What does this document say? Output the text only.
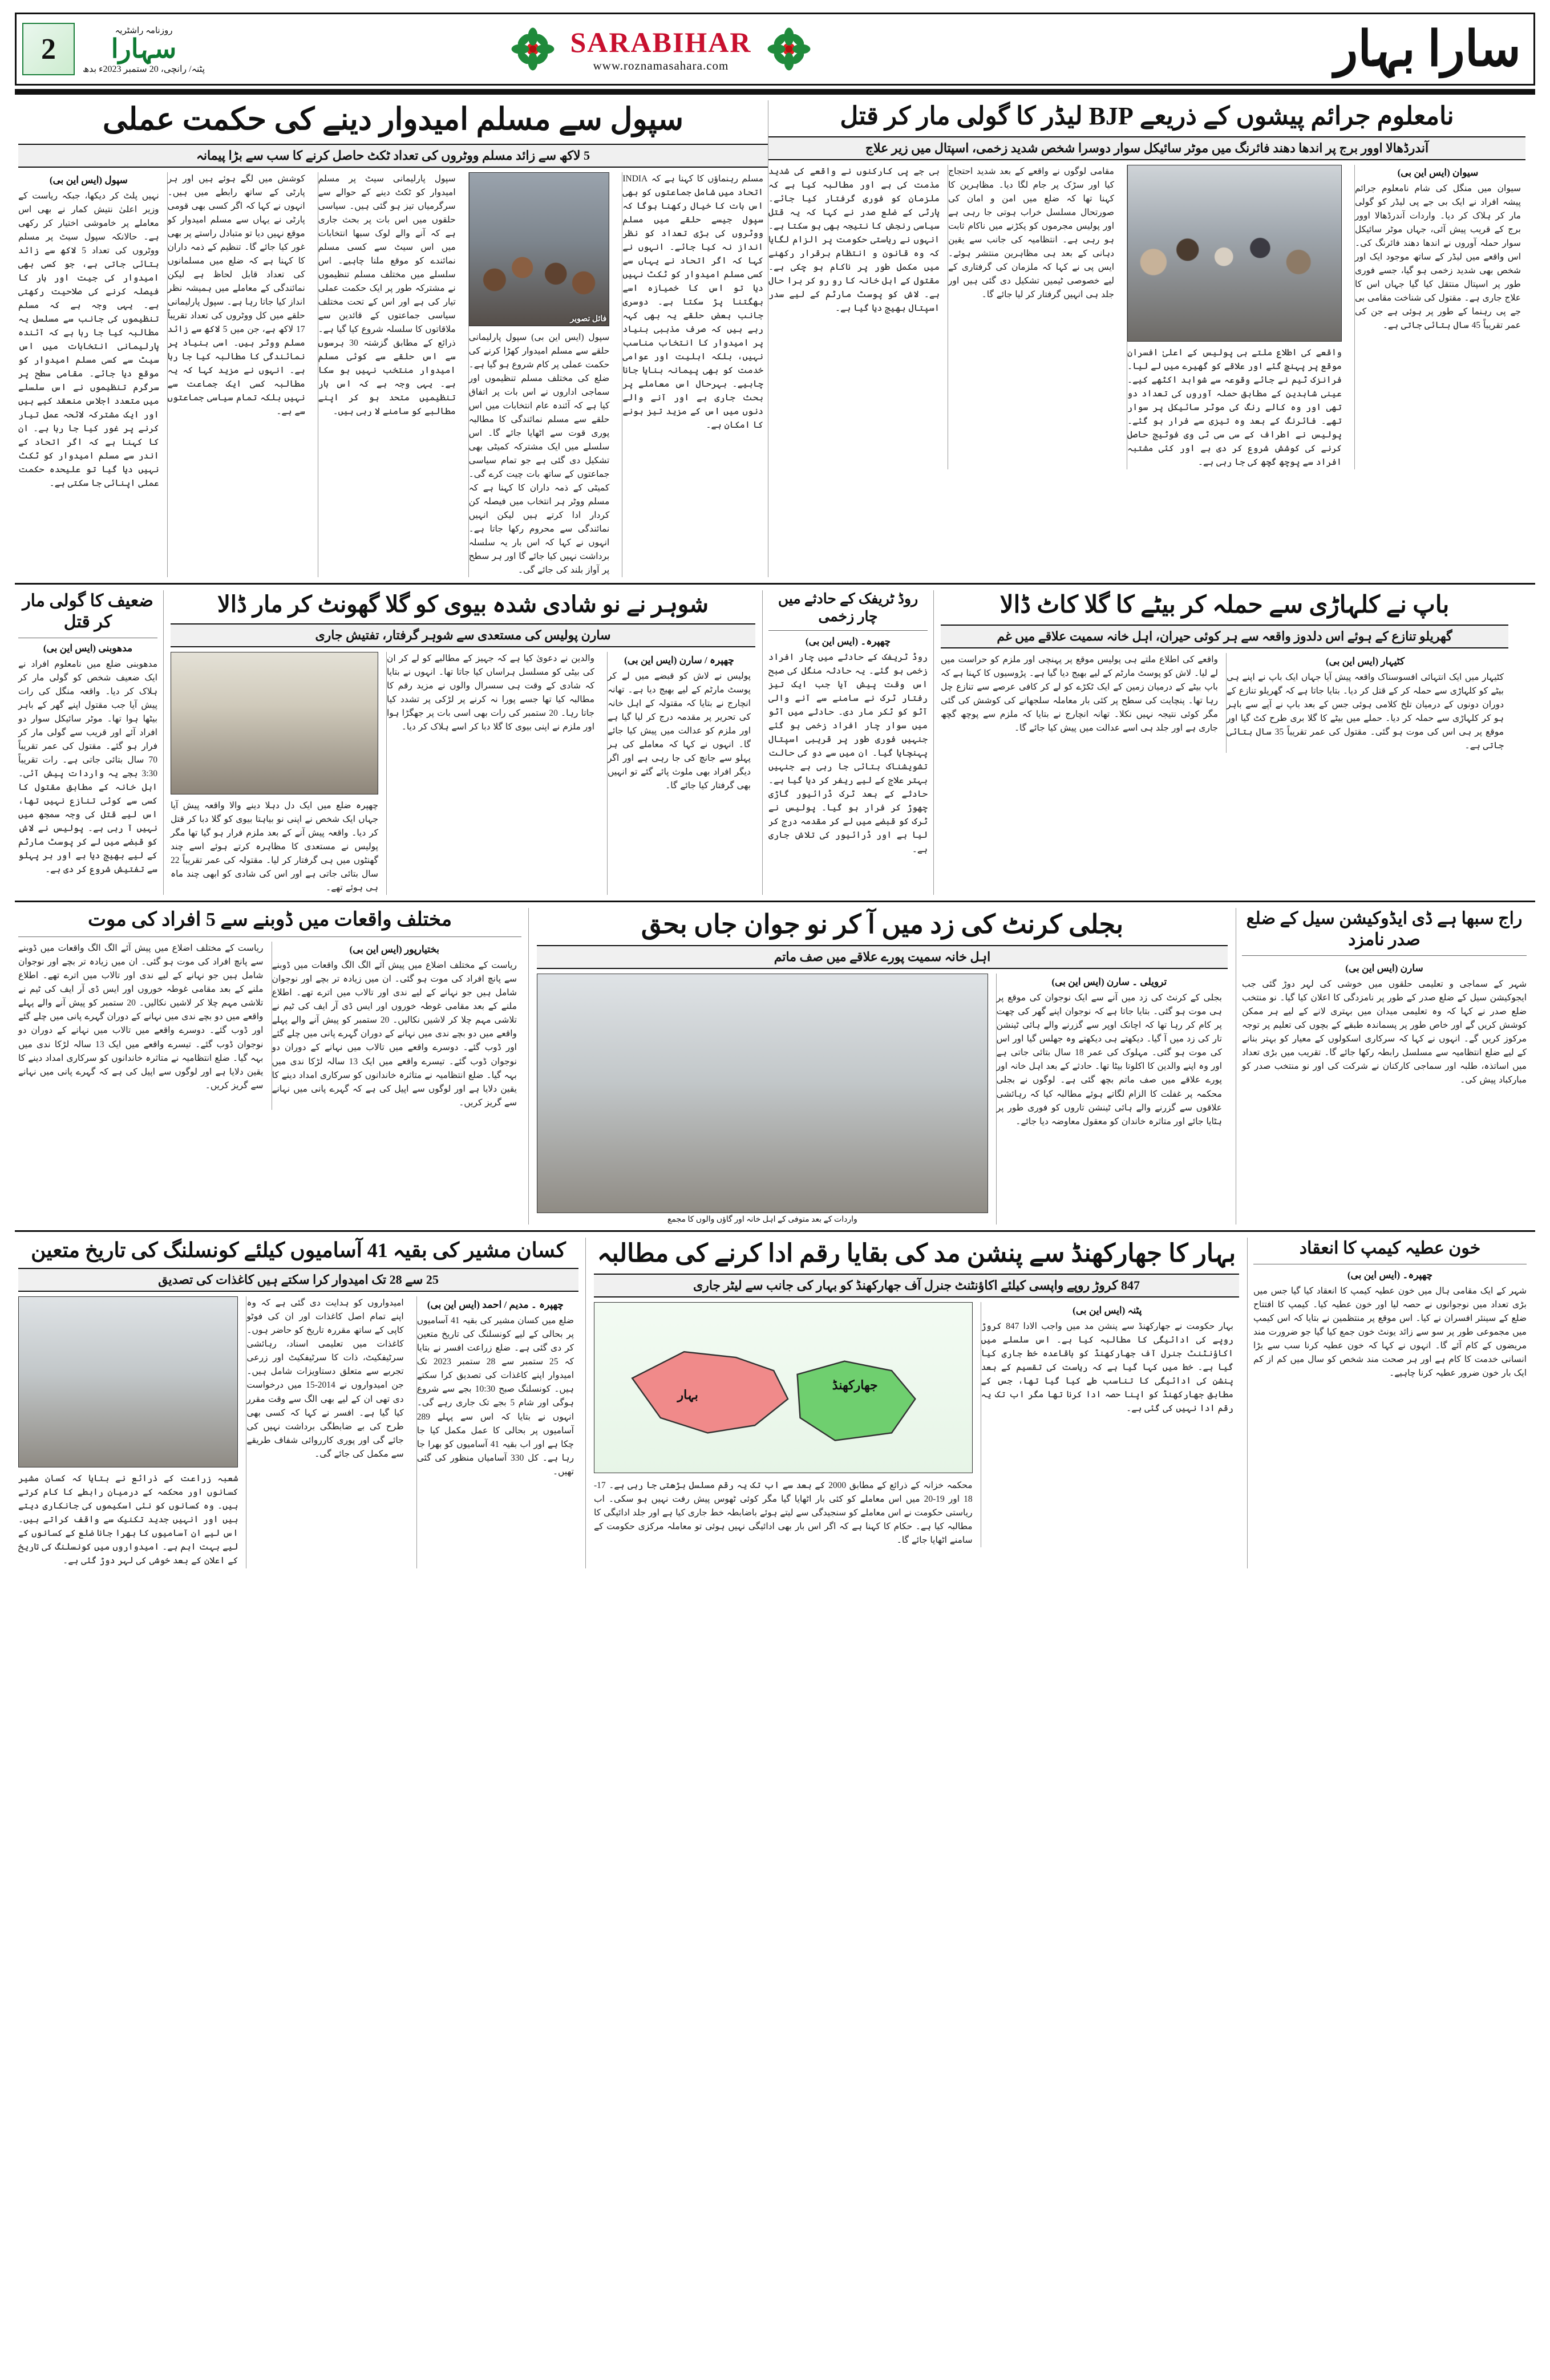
2
روزنامہ راشٹریہ
سہارا
پٹنہ/ رانچی، 20 ستمبر 2023ء بدھ
SARABIHAR
www.roznamasahara.com	سارا بہار
سپول سے مسلم امیدوار دینے کی حکمت عملی
5 لاکھ سے زائد مسلم ووٹروں کی تعداد ٹکٹ حاصل کرنے کا سب سے بڑا پیمانہ
سپول (ایس این بی)
نہیں پلٹ کر دیکھا، جبکہ ریاست کے وزیر اعلیٰ نتیش کمار نے بھی اس معاملے پر خاموشی اختیار کر رکھی ہے۔ حالانکہ سپول سیٹ پر مسلم ووٹروں کی تعداد 5 لاکھ سے زائد بتائی جاتی ہے، جو کسی بھی امیدوار کی جیت اور ہار کا فیصلہ کرنے کی صلاحیت رکھتی ہے۔ یہی وجہ ہے کہ مسلم تنظیموں کی جانب سے مسلسل یہ مطالبہ کیا جا رہا ہے کہ آئندہ پارلیمانی انتخابات میں اس سیٹ سے کسی مسلم امیدوار کو موقع دیا جائے۔ مقامی سطح پر سرگرم تنظیموں نے اس سلسلے میں متعدد اجلاس منعقد کیے ہیں اور ایک مشترکہ لائحہ عمل تیار کرنے پر غور کیا جا رہا ہے۔ ان کا کہنا ہے کہ اگر اتحاد کے اندر سے مسلم امیدوار کو ٹکٹ نہیں دیا گیا تو علیحدہ حکمت عملی اپنائی جا سکتی ہے۔
کوشش میں لگے ہوئے ہیں اور ہر پارٹی کے ساتھ رابطے میں ہیں۔ انہوں نے کہا کہ اگر کسی بھی قومی پارٹی نے یہاں سے مسلم امیدوار کو موقع نہیں دیا تو متبادل راستے پر بھی غور کیا جائے گا۔ تنظیم کے ذمہ داران کا کہنا ہے کہ ضلع میں مسلمانوں کی تعداد قابل لحاظ ہے لیکن نمائندگی کے معاملے میں ہمیشہ نظر انداز کیا جاتا رہا ہے۔ سپول پارلیمانی حلقے میں کل ووٹروں کی تعداد تقریباً 17 لاکھ ہے، جن میں 5 لاکھ سے زائد مسلم ووٹر ہیں۔ اسی بنیاد پر نمائندگی کا مطالبہ کیا جا رہا ہے۔ انہوں نے مزید کہا کہ یہ مطالبہ کسی ایک جماعت سے نہیں بلکہ تمام سیاسی جماعتوں سے ہے۔
سپول پارلیمانی سیٹ پر مسلم امیدوار کو ٹکٹ دینے کے حوالے سے سرگرمیاں تیز ہو گئی ہیں۔ سیاسی حلقوں میں اس بات پر بحث جاری ہے کہ آنے والے لوک سبھا انتخابات میں اس سیٹ سے کسی مسلم نمائندے کو موقع ملنا چاہیے۔ اس سلسلے میں مختلف مسلم تنظیموں نے مشترکہ طور پر ایک حکمت عملی تیار کی ہے اور اس کے تحت مختلف سیاسی جماعتوں کے قائدین سے ملاقاتوں کا سلسلہ شروع کیا گیا ہے۔ ذرائع کے مطابق گزشتہ 30 برسوں سے اس حلقے سے کوئی مسلم امیدوار منتخب نہیں ہو سکا ہے۔ یہی وجہ ہے کہ اس بار تنظیمیں متحد ہو کر اپنے مطالبے کو سامنے لا رہی ہیں۔
فائل تصویر
سپول (ایس این بی) سپول پارلیمانی حلقے سے مسلم امیدوار کھڑا کرنے کی حکمت عملی پر کام شروع ہو گیا ہے۔ ضلع کی مختلف مسلم تنظیموں اور سماجی اداروں نے اس بات پر اتفاق کیا ہے کہ آئندہ عام انتخابات میں اس حلقے سے مسلم نمائندگی کا مطالبہ پوری قوت سے اٹھایا جائے گا۔ اس سلسلے میں ایک مشترکہ کمیٹی بھی تشکیل دی گئی ہے جو تمام سیاسی جماعتوں کے ساتھ بات چیت کرے گی۔ کمیٹی کے ذمہ داران کا کہنا ہے کہ مسلم ووٹر ہر انتخاب میں فیصلہ کن کردار ادا کرتے ہیں لیکن انہیں نمائندگی سے محروم رکھا جاتا ہے۔ انہوں نے کہا کہ اس بار یہ سلسلہ برداشت نہیں کیا جائے گا اور ہر سطح پر آواز بلند کی جائے گی۔
مسلم رہنماؤں کا کہنا ہے کہ INDIA اتحاد میں شامل جماعتوں کو بھی اس بات کا خیال رکھنا ہوگا کہ سپول جیسے حلقے میں مسلم ووٹروں کی بڑی تعداد کو نظر انداز نہ کیا جائے۔ انہوں نے کہا کہ اگر اتحاد نے یہاں سے کسی مسلم امیدوار کو ٹکٹ نہیں دیا تو اس کا خمیازہ اسے بھگتنا پڑ سکتا ہے۔ دوسری جانب بعض حلقے یہ بھی کہہ رہے ہیں کہ صرف مذہبی بنیاد پر امیدوار کا انتخاب مناسب نہیں، بلکہ اہلیت اور عوامی خدمت کو بھی پیمانہ بنایا جانا چاہیے۔ بہرحال اس معاملے پر بحث جاری ہے اور آنے والے دنوں میں اس کے مزید تیز ہونے کا امکان ہے۔
نامعلوم جرائم پیشوں کے ذریعے BJP لیڈر کا گولی مار کر قتل
آندرڈھالا اوور برج پر اندھا دھند فائرنگ میں موٹر سائیکل سوار دوسرا شخص شدید زخمی، اسپتال میں زیر علاج
بی جے پی کارکنوں نے واقعے کی شدید مذمت کی ہے اور مطالبہ کیا ہے کہ ملزمان کو فوری گرفتار کیا جائے۔ پارٹی کے ضلع صدر نے کہا کہ یہ قتل سیاسی رنجش کا نتیجہ بھی ہو سکتا ہے۔ انہوں نے ریاستی حکومت پر الزام لگایا کہ وہ قانون و انتظام برقرار رکھنے میں مکمل طور پر ناکام ہو چکی ہے۔ مقتول کے اہل خانہ کا رو رو کر برا حال ہے۔ لاش کو پوسٹ مارٹم کے لیے سدر اسپتال بھیج دیا گیا ہے۔
مقامی لوگوں نے واقعے کے بعد شدید احتجاج کیا اور سڑک پر جام لگا دیا۔ مظاہرین کا کہنا تھا کہ ضلع میں امن و امان کی صورتحال مسلسل خراب ہوتی جا رہی ہے اور پولیس مجرموں کو پکڑنے میں ناکام ثابت ہو رہی ہے۔ انتظامیہ کی جانب سے یقین دہانی کے بعد ہی مظاہرین منتشر ہوئے۔ ایس پی نے کہا کہ ملزمان کی گرفتاری کے لیے خصوصی ٹیمیں تشکیل دی گئی ہیں اور جلد ہی انہیں گرفتار کر لیا جائے گا۔
واقعے کی اطلاع ملتے ہی پولیس کے اعلیٰ افسران موقع پر پہنچ گئے اور علاقے کو گھیرے میں لے لیا۔ فرانزک ٹیم نے جائے وقوعہ سے شواہد اکٹھے کیے۔ عینی شاہدین کے مطابق حملہ آوروں کی تعداد دو تھی اور وہ کالے رنگ کی موٹر سائیکل پر سوار تھے۔ فائرنگ کے بعد وہ تیزی سے فرار ہو گئے۔ پولیس نے اطراف کے سی سی ٹی وی فوٹیج حاصل کرنے کی کوشش شروع کر دی ہے اور کئی مشتبہ افراد سے پوچھ گچھ کی جا رہی ہے۔
سیوان (ایس این بی)
سیوان میں منگل کی شام نامعلوم جرائم پیشہ افراد نے ایک بی جے پی لیڈر کو گولی مار کر ہلاک کر دیا۔ واردات آندرڈھالا اوور برج کے قریب پیش آئی، جہاں موٹر سائیکل سوار حملہ آوروں نے اندھا دھند فائرنگ کی۔ اس واقعے میں لیڈر کے ساتھ موجود ایک اور شخص بھی شدید زخمی ہو گیا، جسے فوری طور پر اسپتال منتقل کیا گیا جہاں اس کا علاج جاری ہے۔ مقتول کی شناخت مقامی بی جے پی رہنما کے طور پر ہوئی ہے جن کی عمر تقریباً 45 سال بتائی جاتی ہے۔
ضعیف کا گولی مار کر قتل
مدھوبنی (ایس این بی)
مدھوبنی ضلع میں نامعلوم افراد نے ایک ضعیف شخص کو گولی مار کر ہلاک کر دیا۔ واقعہ منگل کی رات پیش آیا جب مقتول اپنے گھر کے باہر بیٹھا ہوا تھا۔ موٹر سائیکل سوار دو افراد آئے اور قریب سے گولی مار کر فرار ہو گئے۔ مقتول کی عمر تقریباً 70 سال بتائی جاتی ہے۔ رات تقریباً 3:30 بجے یہ واردات پیش آئی۔ اہل خانہ کے مطابق مقتول کا کسی سے کوئی تنازع نہیں تھا، اس لیے قتل کی وجہ سمجھ میں نہیں آ رہی ہے۔ پولیس نے لاش کو قبضے میں لے کر پوسٹ مارٹم کے لیے بھیج دیا ہے اور ہر پہلو سے تفتیش شروع کر دی ہے۔
شوہر نے نو شادی شدہ بیوی کو گلا گھونٹ کر مار ڈالا
سارن پولیس کی مستعدی سے شوہر گرفتار، تفتیش جاری
چھپرہ ضلع میں ایک دل دہلا دینے والا واقعہ پیش آیا جہاں ایک شخص نے اپنی نو بیاہتا بیوی کو گلا دبا کر قتل کر دیا۔ واقعہ پیش آنے کے بعد ملزم فرار ہو گیا تھا مگر پولیس نے مستعدی کا مظاہرہ کرتے ہوئے اسے چند گھنٹوں میں ہی گرفتار کر لیا۔ مقتولہ کی عمر تقریباً 22 سال بتائی جاتی ہے اور اس کی شادی کو ابھی چند ماہ ہی ہوئے تھے۔
والدین نے دعویٰ کیا ہے کہ جہیز کے مطالبے کو لے کر ان کی بیٹی کو مسلسل ہراساں کیا جاتا تھا۔ انہوں نے بتایا کہ شادی کے وقت ہی سسرال والوں نے مزید رقم کا مطالبہ کیا تھا جسے پورا نہ کرنے پر لڑکی پر تشدد کیا جاتا رہا۔ 20 ستمبر کی رات بھی اسی بات پر جھگڑا ہوا اور ملزم نے اپنی بیوی کا گلا دبا کر اسے ہلاک کر دیا۔
چھپرہ / سارن (ایس این بی)
پولیس نے لاش کو قبضے میں لے کر پوسٹ مارٹم کے لیے بھیج دیا ہے۔ تھانہ انچارج نے بتایا کہ مقتولہ کے اہل خانہ کی تحریر پر مقدمہ درج کر لیا گیا ہے اور ملزم کو عدالت میں پیش کیا جائے گا۔ انہوں نے کہا کہ معاملے کی ہر پہلو سے جانچ کی جا رہی ہے اور اگر دیگر افراد بھی ملوث پائے گئے تو انہیں بھی گرفتار کیا جائے گا۔
روڈ ٹریفک کے حادثے میں چار زخمی
چھپرہ۔ (ایس این بی)
روڈ ٹریفک کے حادثے میں چار افراد زخمی ہو گئے۔ یہ حادثہ منگل کی صبح اس وقت پیش آیا جب ایک تیز رفتار ٹرک نے سامنے سے آنے والی آٹو کو ٹکر مار دی۔ حادثے میں آٹو میں سوار چار افراد زخمی ہو گئے جنہیں فوری طور پر قریبی اسپتال پہنچایا گیا۔ ان میں سے دو کی حالت تشویشناک بتائی جا رہی ہے جنہیں بہتر علاج کے لیے ریفر کر دیا گیا ہے۔ حادثے کے بعد ٹرک ڈرائیور گاڑی چھوڑ کر فرار ہو گیا۔ پولیس نے ٹرک کو قبضے میں لے کر مقدمہ درج کر لیا ہے اور ڈرائیور کی تلاش جاری ہے۔
باپ نے کلہاڑی سے حملہ کر بیٹے کا گلا کاٹ ڈالا
گھریلو تنازع کے ہوئے اس دلدوز واقعہ سے ہر کوئی حیران، اہل خانہ سمیت علاقے میں غم
واقعے کی اطلاع ملتے ہی پولیس موقع پر پہنچی اور ملزم کو حراست میں لے لیا۔ لاش کو پوسٹ مارٹم کے لیے بھیج دیا گیا ہے۔ پڑوسیوں کا کہنا ہے کہ باپ بیٹے کے درمیان زمین کے ایک ٹکڑے کو لے کر کافی عرصے سے تنازع چل رہا تھا۔ پنچایت کی سطح پر کئی بار معاملہ سلجھانے کی کوشش کی گئی مگر کوئی نتیجہ نہیں نکلا۔ تھانہ انچارج نے بتایا کہ ملزم سے پوچھ گچھ جاری ہے اور جلد ہی اسے عدالت میں پیش کیا جائے گا۔
کٹیہار (ایس این بی)
کٹیہار میں ایک انتہائی افسوسناک واقعہ پیش آیا جہاں ایک باپ نے اپنے ہی بیٹے کو کلہاڑی سے حملہ کر کے قتل کر دیا۔ بتایا جاتا ہے کہ گھریلو تنازع کے دوران دونوں کے درمیان تلخ کلامی ہوئی جس کے بعد باپ نے آپے سے باہر ہو کر کلہاڑی سے حملہ کر دیا۔ حملے میں بیٹے کا گلا بری طرح کٹ گیا اور موقع پر ہی اس کی موت ہو گئی۔ مقتول کی عمر تقریباً 35 سال بتائی جاتی ہے۔
مختلف واقعات میں ڈوبنے سے 5 افراد کی موت
ریاست کے مختلف اضلاع میں پیش آئے الگ الگ واقعات میں ڈوبنے سے پانچ افراد کی موت ہو گئی۔ ان میں زیادہ تر بچے اور نوجوان شامل ہیں جو نہانے کے لیے ندی اور تالاب میں اترے تھے۔ اطلاع ملنے کے بعد مقامی غوطہ خوروں اور ایس ڈی آر ایف کی ٹیم نے تلاشی مہم چلا کر لاشیں نکالیں۔ 20 ستمبر کو پیش آنے والے پہلے واقعے میں دو بچے ندی میں نہانے کے دوران گہرے پانی میں چلے گئے اور ڈوب گئے۔ دوسرے واقعے میں تالاب میں نہانے کے دوران دو نوجوان ڈوب گئے۔ تیسرے واقعے میں ایک 13 سالہ لڑکا ندی میں بہہ گیا۔ ضلع انتظامیہ نے متاثرہ خاندانوں کو سرکاری امداد دینے کا یقین دلایا ہے اور لوگوں سے اپیل کی ہے کہ گہرے پانی میں نہانے سے گریز کریں۔
بختیارپور (ایس این بی)
ریاست کے مختلف اضلاع میں پیش آئے الگ الگ واقعات میں ڈوبنے سے پانچ افراد کی موت ہو گئی۔ ان میں زیادہ تر بچے اور نوجوان شامل ہیں جو نہانے کے لیے ندی اور تالاب میں اترے تھے۔ اطلاع ملنے کے بعد مقامی غوطہ خوروں اور ایس ڈی آر ایف کی ٹیم نے تلاشی مہم چلا کر لاشیں نکالیں۔ 20 ستمبر کو پیش آنے والے پہلے واقعے میں دو بچے ندی میں نہانے کے دوران گہرے پانی میں چلے گئے اور ڈوب گئے۔ دوسرے واقعے میں تالاب میں نہانے کے دوران دو نوجوان ڈوب گئے۔ تیسرے واقعے میں ایک 13 سالہ لڑکا ندی میں بہہ گیا۔ ضلع انتظامیہ نے متاثرہ خاندانوں کو سرکاری امداد دینے کا یقین دلایا ہے اور لوگوں سے اپیل کی ہے کہ گہرے پانی میں نہانے سے گریز کریں۔
بجلی کرنٹ کی زد میں آ کر نو جوان جاں بحق
اہل خانہ سمیت پورے علاقے میں صف ماتم
واردات کے بعد متوفی کے اہل خانہ اور گاؤں والوں کا مجمع
ترویلی ۔ سارن (ایس این بی)
بجلی کے کرنٹ کی زد میں آنے سے ایک نوجوان کی موقع پر ہی موت ہو گئی۔ بتایا جاتا ہے کہ نوجوان اپنے گھر کی چھت پر کام کر رہا تھا کہ اچانک اوپر سے گزرنے والے ہائی ٹینشن تار کی زد میں آ گیا۔ دیکھتے ہی دیکھتے وہ جھلس گیا اور اس کی موت ہو گئی۔ مہلوک کی عمر 18 سال بتائی جاتی ہے اور وہ اپنے والدین کا اکلوتا بیٹا تھا۔ حادثے کے بعد اہل خانہ اور پورے علاقے میں صف ماتم بچھ گئی ہے۔ لوگوں نے بجلی محکمہ پر غفلت کا الزام لگاتے ہوئے مطالبہ کیا کہ رہائشی علاقوں سے گزرنے والے ہائی ٹینشن تاروں کو فوری طور پر ہٹایا جائے اور متاثرہ خاندان کو معقول معاوضہ دیا جائے۔
راج سبھا ہے ڈی ایڈوکیشن سیل کے ضلع صدر نامزد
سارن (ایس این بی)
شہر کے سماجی و تعلیمی حلقوں میں خوشی کی لہر دوڑ گئی جب ایجوکیشن سیل کے ضلع صدر کے طور پر نامزدگی کا اعلان کیا گیا۔ نو منتخب ضلع صدر نے کہا کہ وہ تعلیمی میدان میں بہتری لانے کے لیے ہر ممکن کوشش کریں گے اور خاص طور پر پسماندہ طبقے کے بچوں کی تعلیم پر توجہ مرکوز کریں گے۔ انہوں نے کہا کہ سرکاری اسکولوں کے معیار کو بہتر بنانے کے لیے ضلع انتظامیہ سے مسلسل رابطہ رکھا جائے گا۔ تقریب میں بڑی تعداد میں اساتذہ، طلبہ اور سماجی کارکنان نے شرکت کی اور نو منتخب صدر کو مبارکباد پیش کی۔
کسان مشیر کی بقیہ 41 آسامیوں کیلئے کونسلنگ کی تاریخ متعین
25 سے 28 تک امیدوار کرا سکتے ہیں کاغذات کی تصدیق
شعبہ زراعت کے ذرائع نے بتایا کہ کسان مشیر کسانوں اور محکمہ کے درمیان رابطے کا کام کرتے ہیں۔ وہ کسانوں کو نئی اسکیموں کی جانکاری دیتے ہیں اور انہیں جدید تکنیک سے واقف کراتے ہیں۔ اس لیے ان آسامیوں کا بھرا جانا ضلع کے کسانوں کے لیے بہت اہم ہے۔ امیدواروں میں کونسلنگ کی تاریخ کے اعلان کے بعد خوشی کی لہر دوڑ گئی ہے۔
امیدواروں کو ہدایت دی گئی ہے کہ وہ اپنے تمام اصل کاغذات اور ان کی فوٹو کاپی کے ساتھ مقررہ تاریخ کو حاضر ہوں۔ کاغذات میں تعلیمی اسناد، رہائشی سرٹیفکیٹ، ذات کا سرٹیفکیٹ اور زرعی تجربے سے متعلق دستاویزات شامل ہیں۔ جن امیدواروں نے 2014-15 میں درخواست دی تھی ان کے لیے بھی الگ سے وقت مقرر کیا گیا ہے۔ افسر نے کہا کہ کسی بھی طرح کی بے ضابطگی برداشت نہیں کی جائے گی اور پوری کارروائی شفاف طریقے سے مکمل کی جائے گی۔
چھپرہ ۔ مدیم / احمد (ایس این بی)
ضلع میں کسان مشیر کی بقیہ 41 آسامیوں پر بحالی کے لیے کونسلنگ کی تاریخ متعین کر دی گئی ہے۔ ضلع زراعت افسر نے بتایا کہ 25 ستمبر سے 28 ستمبر 2023 تک امیدوار اپنے کاغذات کی تصدیق کرا سکتے ہیں۔ کونسلنگ صبح 10:30 بجے سے شروع ہوگی اور شام 5 بجے تک جاری رہے گی۔ انہوں نے بتایا کہ اس سے پہلے 289 آسامیوں پر بحالی کا عمل مکمل کیا جا چکا ہے اور اب بقیہ 41 آسامیوں کو بھرا جا رہا ہے۔ کل 330 آسامیاں منظور کی گئی تھیں۔
بہار کا جھارکھنڈ سے پنشن مد کی بقایا رقم ادا کرنے کی مطالبہ
847 کروڑ روپے واپسی کیلئے اکاؤنٹنٹ جنرل آف جھارکھنڈ کو بہار کی جانب سے لیٹر جاری
بہار
جھارکھنڈ
محکمہ خزانہ کے ذرائع کے مطابق 2000 کے بعد سے اب تک یہ رقم مسلسل بڑھتی جا رہی ہے۔ 17-18 اور 19-20 میں اس معاملے کو کئی بار اٹھایا گیا مگر کوئی ٹھوس پیش رفت نہیں ہو سکی۔ اب ریاستی حکومت نے اس معاملے کو سنجیدگی سے لیتے ہوئے باضابطہ خط جاری کیا ہے اور جلد ادائیگی کا مطالبہ کیا ہے۔ حکام کا کہنا ہے کہ اگر اس بار بھی ادائیگی نہیں ہوئی تو معاملہ مرکزی حکومت کے سامنے اٹھایا جائے گا۔
پٹنہ (ایس این بی)
بہار حکومت نے جھارکھنڈ سے پنشن مد میں واجب الادا 847 کروڑ روپے کی ادائیگی کا مطالبہ کیا ہے۔ اس سلسلے میں اکاؤنٹنٹ جنرل آف جھارکھنڈ کو باقاعدہ خط جاری کیا گیا ہے۔ خط میں کہا گیا ہے کہ ریاست کی تقسیم کے بعد پنشن کی ادائیگی کا تناسب طے کیا گیا تھا، جس کے مطابق جھارکھنڈ کو اپنا حصہ ادا کرنا تھا مگر اب تک یہ رقم ادا نہیں کی گئی ہے۔
خون عطیہ کیمپ کا انعقاد
چھپرہ۔ (ایس این بی)
شہر کے ایک مقامی ہال میں خون عطیہ کیمپ کا انعقاد کیا گیا جس میں بڑی تعداد میں نوجوانوں نے حصہ لیا اور خون عطیہ کیا۔ کیمپ کا افتتاح ضلع کے سینئر افسران نے کیا۔ اس موقع پر منتظمین نے بتایا کہ اس کیمپ میں مجموعی طور پر سو سے زائد یونٹ خون جمع کیا گیا جو ضرورت مند مریضوں کے کام آئے گا۔ انہوں نے کہا کہ خون عطیہ کرنا سب سے بڑا انسانی خدمت کا کام ہے اور ہر صحت مند شخص کو سال میں کم از کم ایک بار خون ضرور عطیہ کرنا چاہیے۔
